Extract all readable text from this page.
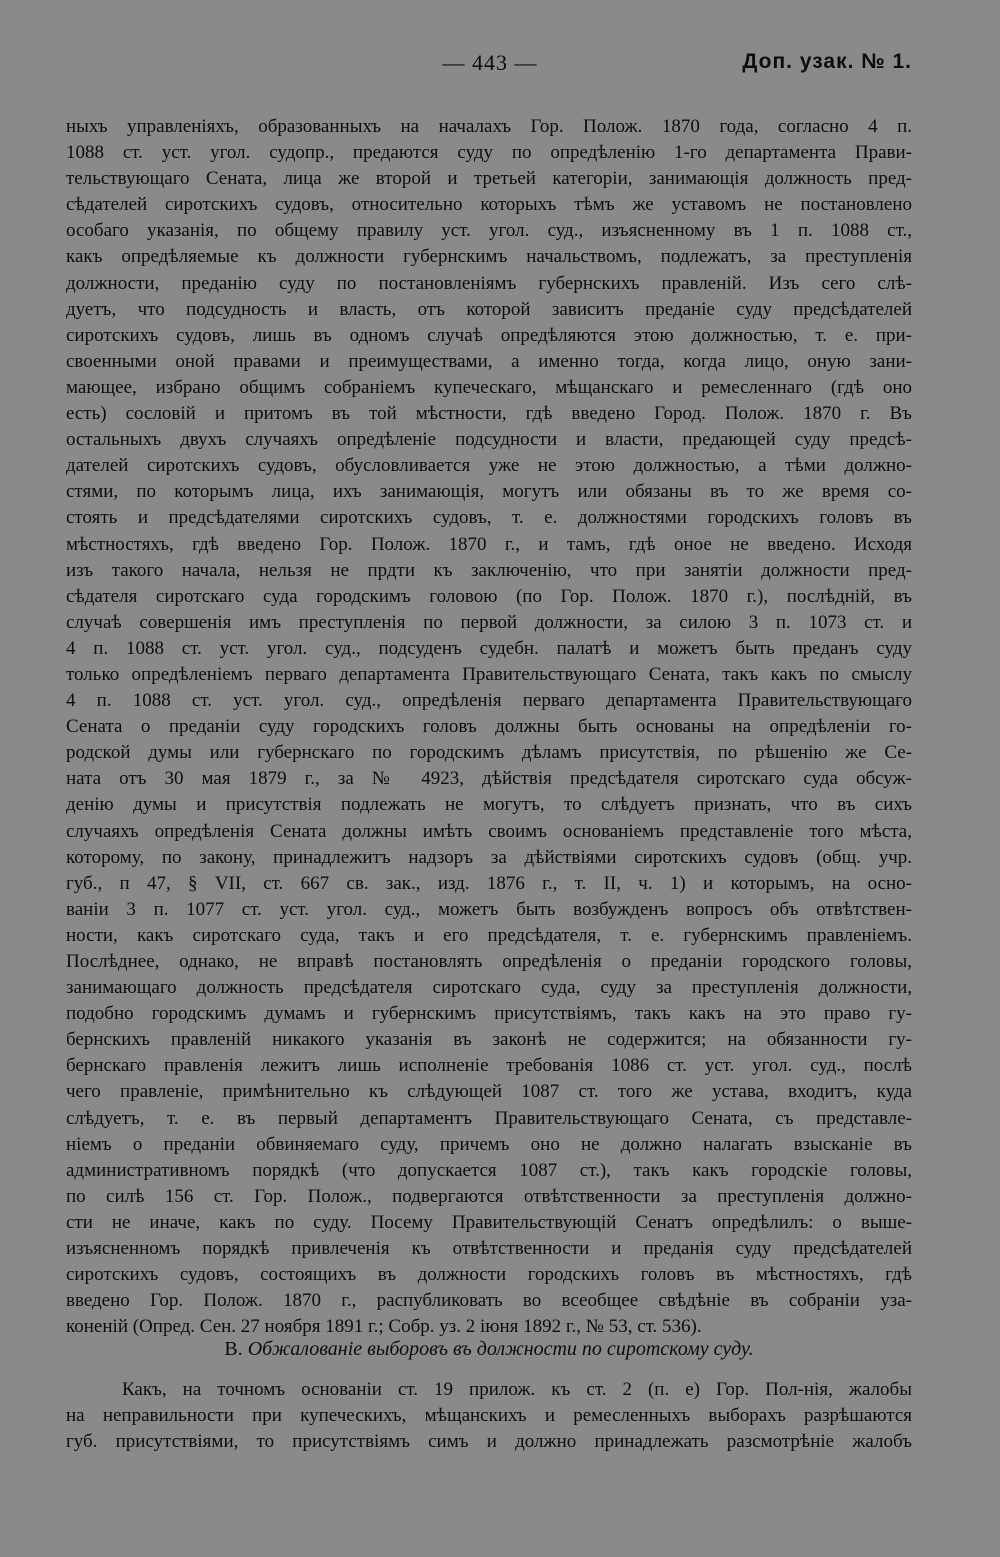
— 443 —	Доп. узак. № 1.
ныхъ управленіяхъ, образованныхъ на началахъ Гор. Полож. 1870 года, согласно 4 п.
1088 ст. уст. угол. судопр., предаются суду по опредѣленію 1-го департамента Прави-
тельствующаго Сената, лица же второй и третьей категоріи, занимающія должность пред-
сѣдателей сиротскихъ судовъ, относительно которыхъ тѣмъ же уставомъ не постановлено
особаго указанія, по общему правилу уст. угол. суд., изъясненному въ 1 п. 1088 ст.,
какъ опредѣляемые къ должности губернскимъ начальствомъ, подлежатъ, за преступленія
должности, преданію суду по постановленіямъ губернскихъ правленій. Изъ сего слѣ-
дуетъ, что подсудность и власть, отъ которой зависитъ преданіе суду предсѣдателей
сиротскихъ судовъ, лишь въ одномъ случаѣ опредѣляются этою должностью, т. е. при-
своенными оной правами и преимуществами, а именно тогда, когда лицо, оную зани-
мающее, избрано общимъ собраніемъ купеческаго, мѣщанскаго и ремесленнаго (гдѣ оно
есть) сословій и притомъ въ той мѣстности, гдѣ введено Город. Полож. 1870 г. Въ
остальныхъ двухъ случаяхъ опредѣленіе подсудности и власти, предающей суду предсѣ-
дателей сиротскихъ судовъ, обусловливается уже не этою должностью, а тѣми должно-
стями, по которымъ лица, ихъ занимающія, могутъ или обязаны въ то же время со-
стоять и предсѣдателями сиротскихъ судовъ, т. е. должностями городскихъ головъ въ
мѣстностяхъ, гдѣ введено Гор. Полож. 1870 г., и тамъ, гдѣ оное не введено. Исходя
изъ такого начала, нельзя не прдти къ заключенію, что при занятіи должности пред-
сѣдателя сиротскаго суда городскимъ головою (по Гор. Полож. 1870 г.), послѣдній, въ
случаѣ совершенія имъ преступленія по первой должности, за силою 3 п. 1073 ст. и
4 п. 1088 ст. уст. угол. суд., подсуденъ судебн. палатѣ и можетъ быть преданъ суду
только опредѣленіемъ перваго департамента Правительствующаго Сената, такъ какъ по смыслу
4 п. 1088 ст. уст. угол. суд., опредѣленія перваго департамента Правительствующаго
Сената о преданіи суду городскихъ головъ должны быть основаны на опредѣленіи го-
родской думы или губернскаго по городскимъ дѣламъ присутствія, по рѣшенію же Се-
ната отъ 30 мая 1879 г., за № 4923, дѣйствія предсѣдателя сиротскаго суда обсуж-
денію думы и присутствія подлежать не могутъ, то слѣдуетъ признать, что въ сихъ
случаяхъ опредѣленія Сената должны имѣть своимъ основаніемъ представленіе того мѣста,
которому, по закону, принадлежитъ надзоръ за дѣйствіями сиротскихъ судовъ (общ. учр.
губ., п 47, § VII, ст. 667 св. зак., изд. 1876 г., т. II, ч. 1) и которымъ, на осно-
ваніи 3 п. 1077 ст. уст. угол. суд., можетъ быть возбужденъ вопросъ объ отвѣтствен-
ности, какъ сиротскаго суда, такъ и его предсѣдателя, т. е. губернскимъ правленіемъ.
Послѣднее, однако, не вправѣ постановлять опредѣленія о преданіи городского головы,
занимающаго должность предсѣдателя сиротскаго суда, суду за преступленія должности,
подобно городскимъ думамъ и губернскимъ присутствіямъ, такъ какъ на это право гу-
бернскихъ правленій никакого указанія въ законѣ не содержится; на обязанности гу-
бернскаго правленія лежитъ лишь исполненіе требованія 1086 ст. уст. угол. суд., послѣ
чего правленіе, примѣнительно къ слѣдующей 1087 ст. того же устава, входитъ, куда
слѣдуетъ, т. е. въ первый департаментъ Правительствующаго Сената, съ представле-
ніемъ о преданіи обвиняемаго суду, причемъ оно не должно налагать взысканіе въ
административномъ порядкѣ (что допускается 1087 ст.), такъ какъ городскіе головы,
по силѣ 156 ст. Гор. Полож., подвергаются отвѣтственности за преступленія должно-
сти не иначе, какъ по суду. Посему Правительствующій Сенатъ опредѣлилъ: о выше-
изъясненномъ порядкѣ привлеченія къ отвѣтственности и преданія суду предсѣдателей
сиротскихъ судовъ, состоящихъ въ должности городскихъ головъ въ мѣстностяхъ, гдѣ
введено Гор. Полож. 1870 г., распубликовать во всеобщее свѣдѣніе въ собраніи уза-
коненій (Опред. Сен. 27 ноября 1891 г.; Собр. уз. 2 іюня 1892 г., № 53, ст. 536).
В. Обжалованіе выборовъ въ должности по сиротскому суду.
Какъ, на точномъ основаніи ст. 19 прилож. къ ст. 2 (п. е) Гор. Пол-нія, жалобы
на неправильности при купеческихъ, мѣщанскихъ и ремесленныхъ выборахъ разрѣшаются
губ. присутствіями, то присутствіямъ симъ и должно принадлежать разсмотрѣніе жалобъ
